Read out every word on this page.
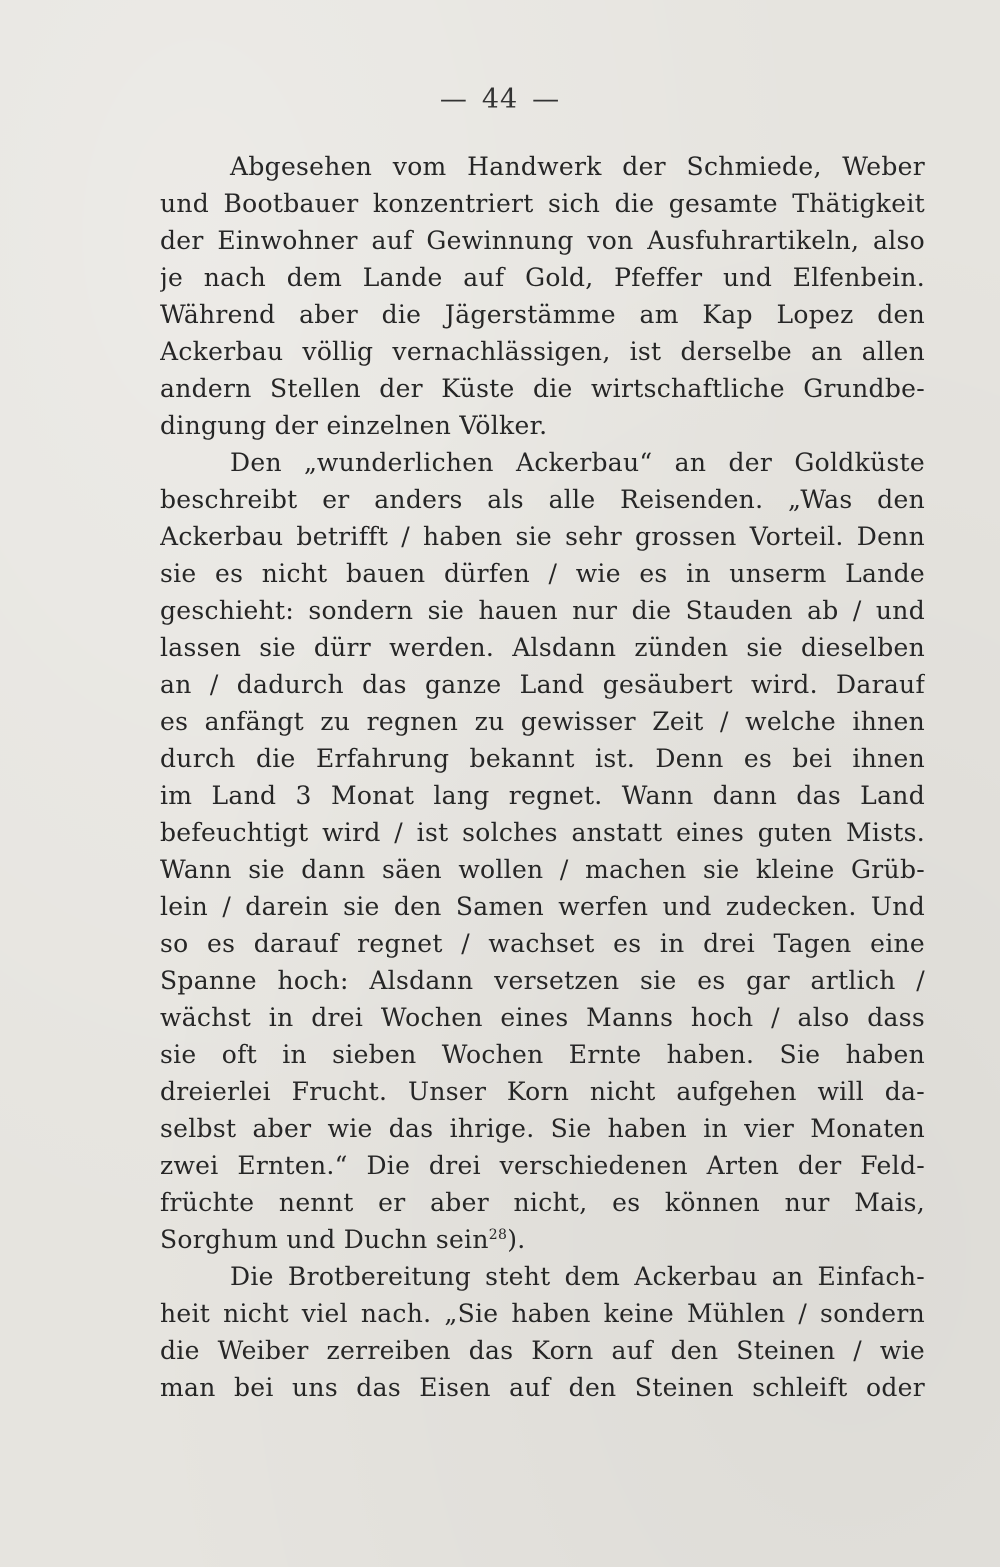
— 44 —
Abgesehen vom Handwerk der Schmiede, Weber
und Bootbauer konzentriert sich die gesamte Thätigkeit
der Einwohner auf Gewinnung von Ausfuhrartikeln, also
je nach dem Lande auf Gold, Pfeffer und Elfenbein.
Während aber die Jägerstämme am Kap Lopez den
Ackerbau völlig vernachlässigen, ist derselbe an allen
andern Stellen der Küste die wirtschaftliche Grundbe-
dingung der einzelnen Völker.
Den „wunderlichen Ackerbau“ an der Goldküste
beschreibt er anders als alle Reisenden. „Was den
Ackerbau betrifft / haben sie sehr grossen Vorteil. Denn
sie es nicht bauen dürfen / wie es in unserm Lande
geschieht: sondern sie hauen nur die Stauden ab / und
lassen sie dürr werden. Alsdann zünden sie dieselben
an / dadurch das ganze Land gesäubert wird. Darauf
es anfängt zu regnen zu gewisser Zeit / welche ihnen
durch die Erfahrung bekannt ist. Denn es bei ihnen
im Land 3 Monat lang regnet. Wann dann das Land
befeuchtigt wird / ist solches anstatt eines guten Mists.
Wann sie dann säen wollen / machen sie kleine Grüb-
lein / darein sie den Samen werfen und zudecken. Und
so es darauf regnet / wachset es in drei Tagen eine
Spanne hoch: Alsdann versetzen sie es gar artlich /
wächst in drei Wochen eines Manns hoch / also dass
sie oft in sieben Wochen Ernte haben. Sie haben
dreierlei Frucht. Unser Korn nicht aufgehen will da-
selbst aber wie das ihrige. Sie haben in vier Monaten
zwei Ernten.“ Die drei verschiedenen Arten der Feld-
früchte nennt er aber nicht, es können nur Mais,
Sorghum und Duchn sein$^{28}$).
Die Brotbereitung steht dem Ackerbau an Einfach-
heit nicht viel nach. „Sie haben keine Mühlen / sondern
die Weiber zerreiben das Korn auf den Steinen / wie
man bei uns das Eisen auf den Steinen schleift oder
